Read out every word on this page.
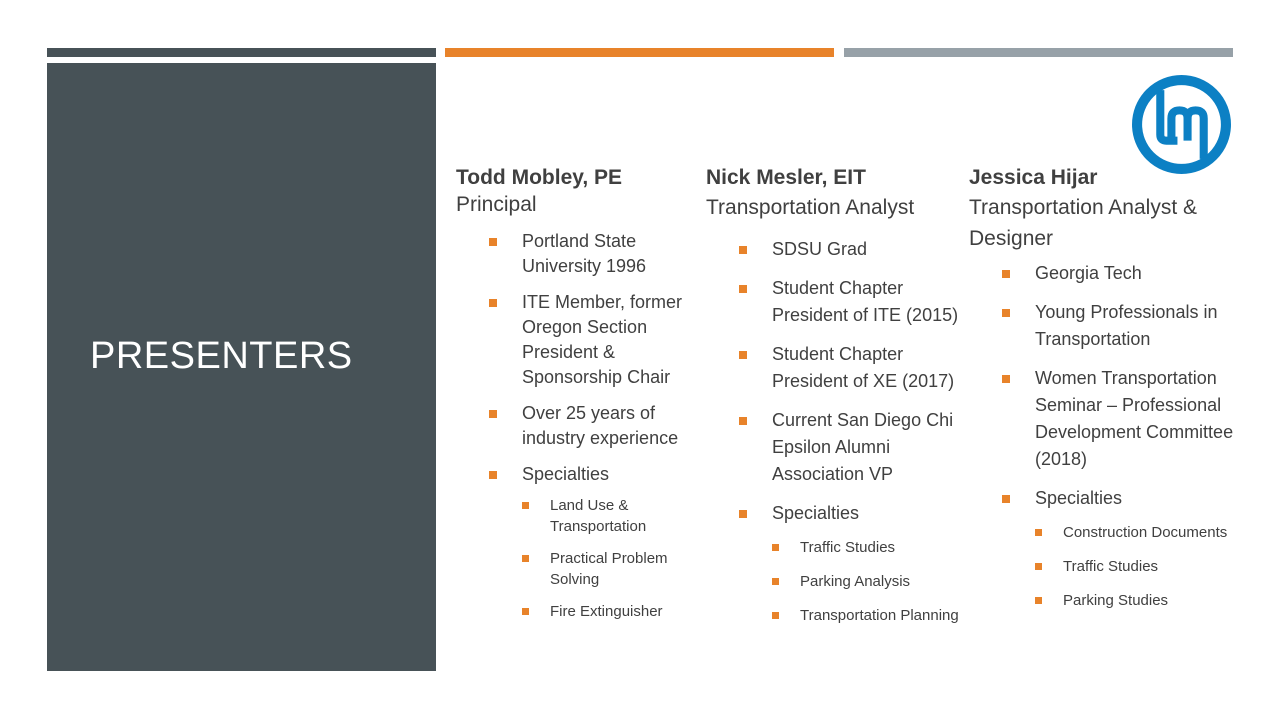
PRESENTERS

Todd Mobley, PE

Principal

Portland State University 1996
ITE Member, former Oregon Section President & Sponsorship Chair
Over 25 years of industry experience
Specialties
Land Use & Transportation
Practical Problem Solving
Fire Extinguisher

Nick Mesler, EIT

Transportation Analyst

SDSU Grad
Student Chapter President of ITE (2015)
Student Chapter President of XE (2017)
Current San Diego Chi Epsilon Alumni Association VP
Specialties
Traffic Studies
Parking Analysis
Transportation Planning

Jessica Hijar

Transportation Analyst & Designer

Georgia Tech
Young Professionals in Transportation
Women Transportation Seminar – Professional Development Committee (2018)
Specialties
Construction Documents
Traffic Studies
Parking Studies
